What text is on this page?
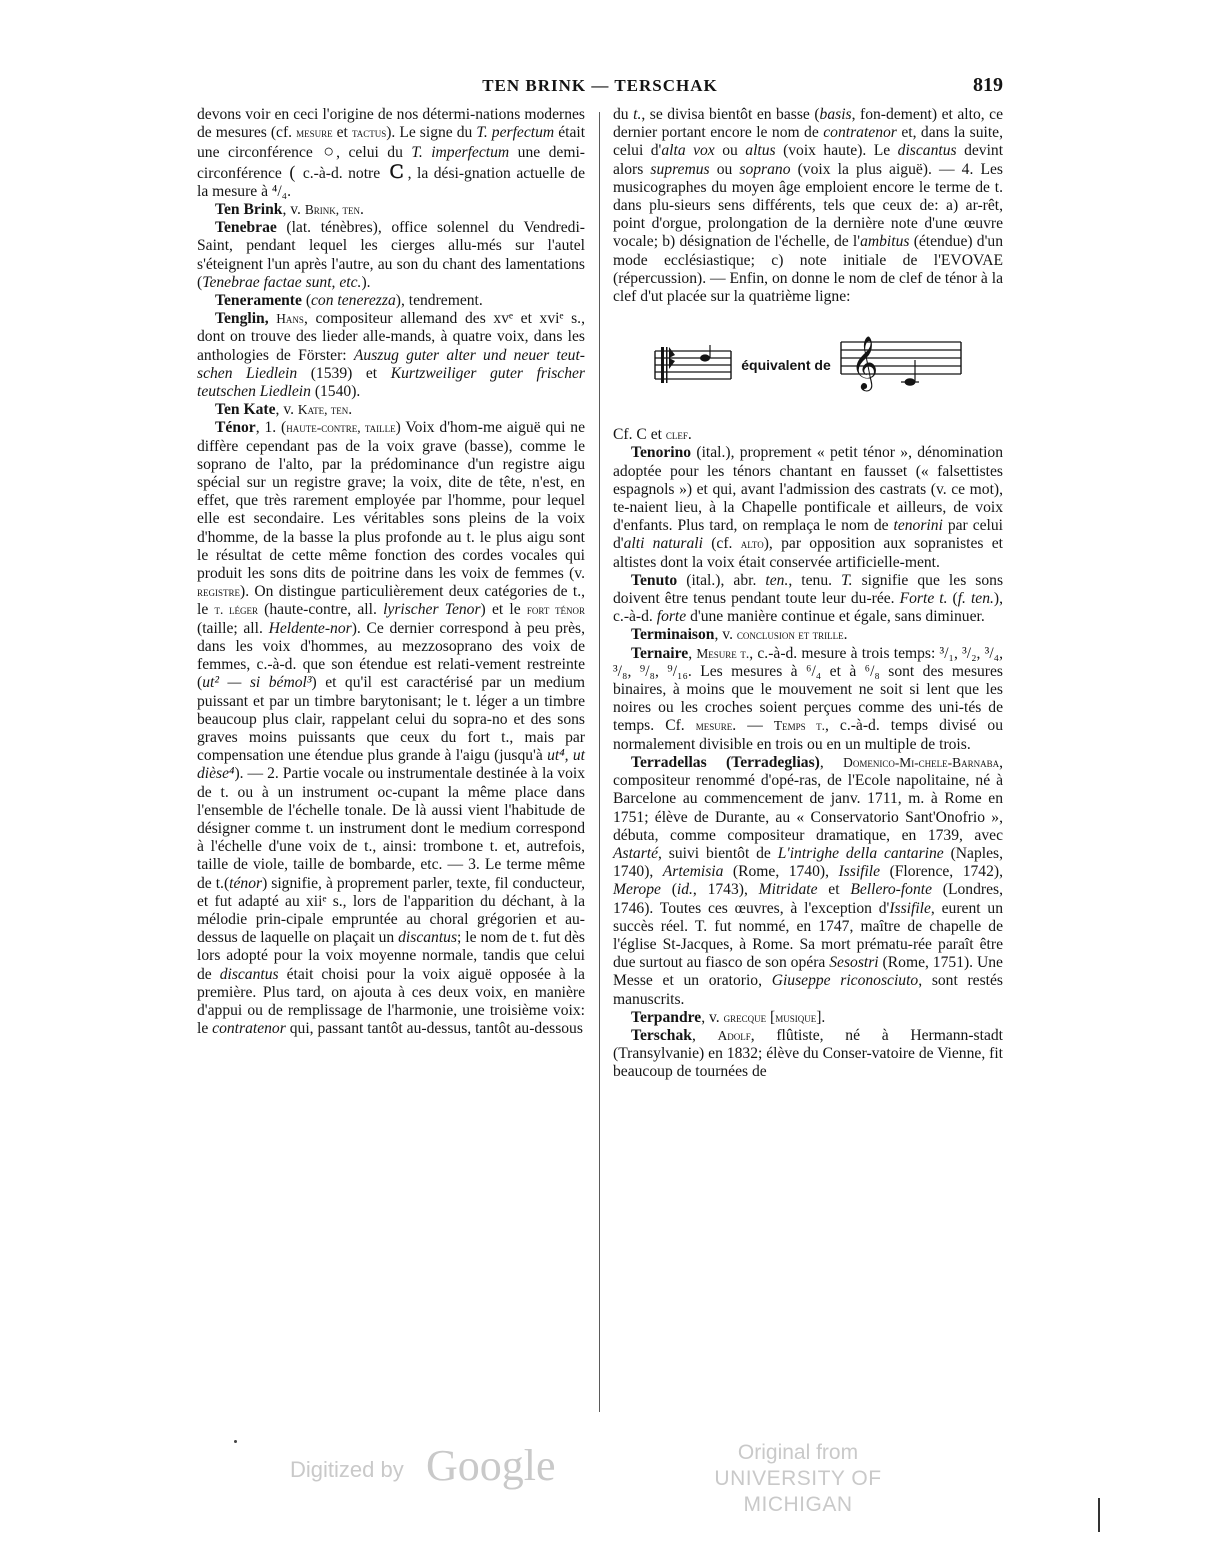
TEN BRINK — TERSCHAK	819

devons voir en ceci l'origine de nos détermi-nations modernes de mesures (cf. mesure et tactus). Le signe du T. perfectum était une circonférence ○ , celui du T. imperfectum une demi-circonférence ( c.-à-d. notre Ｃ , la dési-gnation actuelle de la mesure à ⁴/₄.

Ten Brink, v. Brink, ten.

Tenebrae (lat. ténèbres), office solennel du Vendredi-Saint, pendant lequel les cierges allu-més sur l'autel s'éteignent l'un après l'autre, au son du chant des lamentations (Tenebrae factae sunt, etc.).

Teneramente (con tenerezza), tendrement.

Tenglin, Hans, compositeur allemand des xvᵉ et xviᵉ s., dont on trouve des lieder alle-mands, à quatre voix, dans les anthologies de Förster: Auszug guter alter und neuer teut-schen Liedlein (1539) et Kurtzweiliger guter frischer teutschen Liedlein (1540).

Ten Kate, v. Kate, ten.

Ténor, 1. (haute-contre, taille) Voix d'hom-me aiguë qui ne diffère cependant pas de la voix grave (basse), comme le soprano de l'alto, par la prédominance d'un registre aigu spécial sur un registre grave; la voix, dite de tête, n'est, en effet, que très rarement employée par l'homme, pour lequel elle est secondaire. Les véritables sons pleins de la voix d'homme, de la basse la plus profonde au t. le plus aigu sont le résultat de cette même fonction des cordes vocales qui produit les sons dits de poitrine dans les voix de femmes (v. registre). On distingue particulièrement deux catégories de t., le t. léger (haute-contre, all. lyrischer Tenor) et le fort ténor (taille; all. Heldente-nor). Ce dernier correspond à peu près, dans les voix d'hommes, au mezzosoprano des voix de femmes, c.-à-d. que son étendue est relati-vement restreinte (ut² — si bémol³) et qu'il est caractérisé par un medium puissant et par un timbre barytonisant; le t. léger a un timbre beaucoup plus clair, rappelant celui du sopra-no et des sons graves moins puissants que ceux du fort t., mais par compensation une étendue plus grande à l'aigu (jusqu'à ut⁴, ut dièse⁴). — 2. Partie vocale ou instrumentale destinée à la voix de t. ou à un instrument oc-cupant la même place dans l'ensemble de l'échelle tonale. De là aussi vient l'habitude de désigner comme t. un instrument dont le medium correspond à l'échelle d'une voix de t., ainsi: trombone t. et, autrefois, taille de viole, taille de bombarde, etc. — 3. Le terme même de t.(ténor) signifie, à proprement parler, texte, fil conducteur, et fut adapté au xiiᵉ s., lors de l'apparition du déchant, à la mélodie prin-cipale empruntée au choral grégorien et au-dessus de laquelle on plaçait un discantus; le nom de t. fut dès lors adopté pour la voix moyenne normale, tandis que celui de discantus était choisi pour la voix aiguë opposée à la première. Plus tard, on ajouta à ces deux voix, en manière d'appui ou de remplissage de l'harmonie, une troisième voix: le contratenor qui, passant tantôt au-dessus, tantôt au-dessous

du t., se divisa bientôt en basse (basis, fon-dement) et alto, ce dernier portant encore le nom de contratenor et, dans la suite, celui d'alta vox ou altus (voix haute). Le discantus devint alors supremus ou soprano (voix la plus aiguë). — 4. Les musicographes du moyen âge emploient encore le terme de t. dans plu-sieurs sens différents, tels que ceux de: a) ar-rêt, point d'orgue, prolongation de la dernière note d'une œuvre vocale; b) désignation de l'échelle, de l'ambitus (étendue) d'un mode ecclésiastique; c) note initiale de l'EVOVAE (répercussion). — Enfin, on donne le nom de clef de ténor à la clef d'ut placée sur la quatrième ligne:

équivalent de 𝄞

Cf. C et clef.

Tenorino (ital.), proprement « petit ténor », dénomination adoptée pour les ténors chantant en fausset (« falsettistes espagnols ») et qui, avant l'admission des castrats (v. ce mot), te-naient lieu, à la Chapelle pontificale et ailleurs, de voix d'enfants. Plus tard, on remplaça le nom de tenorini par celui d'alti naturali (cf. alto), par opposition aux sopranistes et altistes dont la voix était conservée artificielle-ment.

Tenuto (ital.), abr. ten., tenu. T. signifie que les sons doivent être tenus pendant toute leur du-rée. Forte t. (f. ten.), c.-à-d. forte d'une manière continue et égale, sans diminuer.

Terminaison, v. conclusion et trille.

Ternaire, Mesure t., c.-à-d. mesure à trois temps: ³/₁, ³/₂, ³/₄, ³/₈, ⁹/₈, ⁹/₁₆. Les mesures à ⁶/₄ et à ⁶/₈ sont des mesures binaires, à moins que le mouvement ne soit si lent que les noires ou les croches soient perçues comme des uni-tés de temps. Cf. mesure. — Temps t., c.-à-d. temps divisé ou normalement divisible en trois ou en un multiple de trois.

Terradellas (Terradeglias), Domenico-Mi-chele-Barnaba, compositeur renommé d'opé-ras, de l'Ecole napolitaine, né à Barcelone au commencement de janv. 1711, m. à Rome en 1751; élève de Durante, au « Conservatorio Sant'Onofrio », débuta, comme compositeur dramatique, en 1739, avec Astarté, suivi bientôt de L'intrighe della cantarine (Naples, 1740), Artemisia (Rome, 1740), Issifile (Florence, 1742), Merope (id., 1743), Mitridate et Bellero-fonte (Londres, 1746). Toutes ces œuvres, à l'exception d'Issifile, eurent un succès réel. T. fut nommé, en 1747, maître de chapelle de l'église St-Jacques, à Rome. Sa mort prématu-rée paraît être due surtout au fiasco de son opéra Sesostri (Rome, 1751). Une Messe et un oratorio, Giuseppe riconosciuto, sont restés manuscrits.

Terpandre, v. grecque [musique].

Terschak, Adolf, flûtiste, né à Hermann-stadt (Transylvanie) en 1832; élève du Conser-vatoire de Vienne, fit beaucoup de tournées de

Digitized by Google	Original from
UNIVERSITY OF MICHIGAN
